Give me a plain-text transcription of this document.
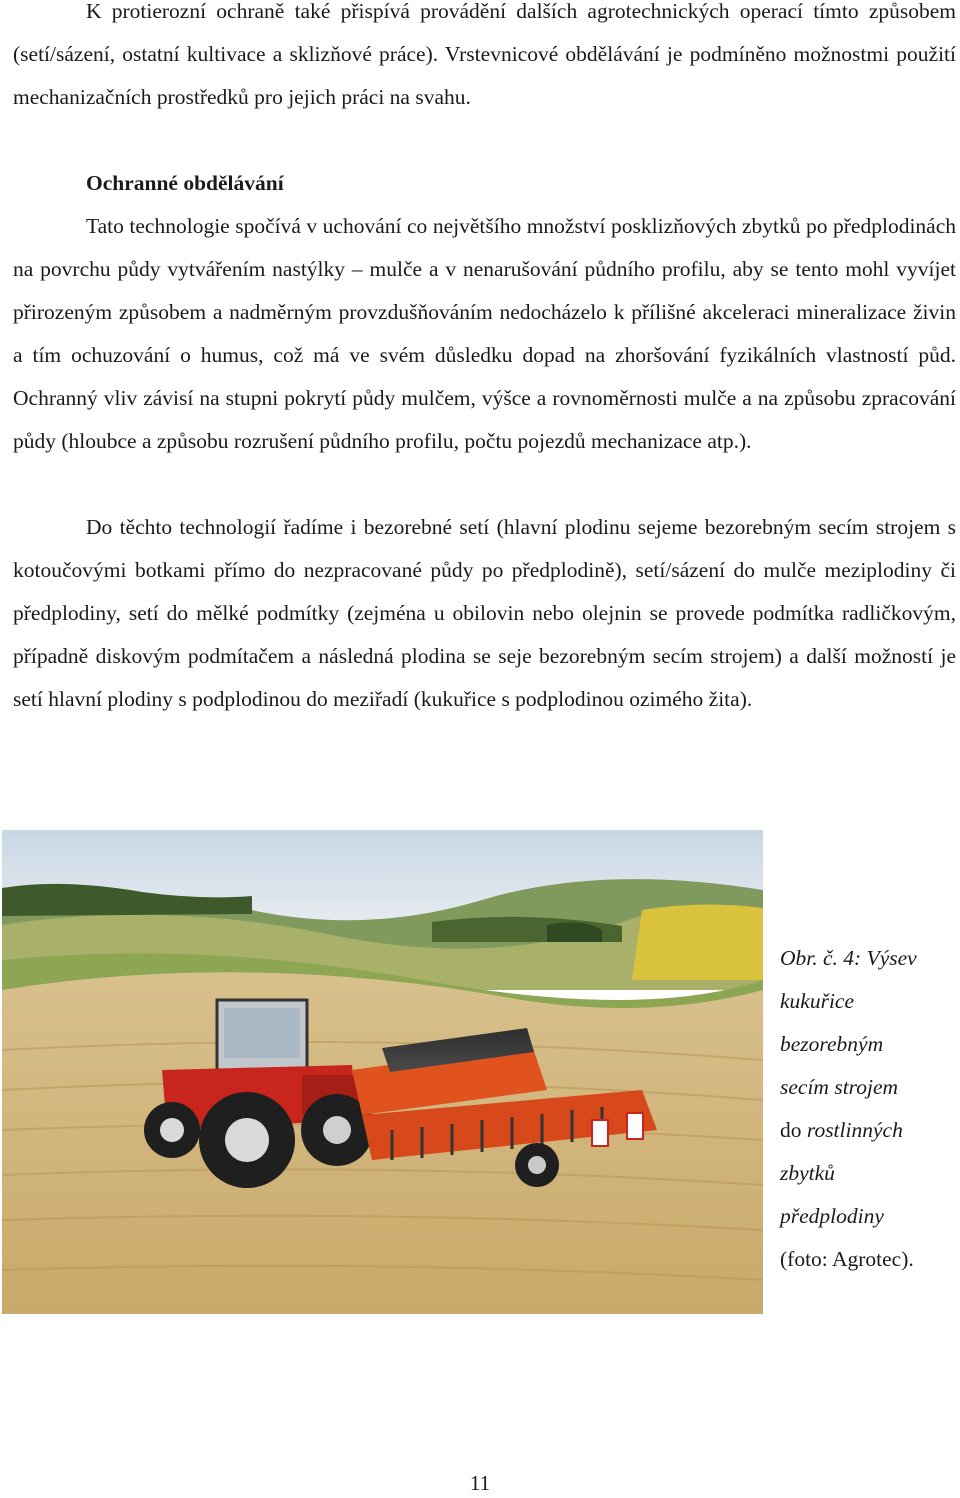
K protierozní ochraně také přispívá provádění dalších agrotechnických operací tímto způsobem (setí/sázení, ostatní kultivace a sklizňové práce). Vrstevnicové obdělávání je podmíněno možnostmi použití mechanizačních prostředků pro jejich práci na svahu.

Ochranné obdělávání

Tato technologie spočívá v uchování co největšího množství posklizňových zbytků po předplodinách na povrchu půdy vytvářením nastýlky – mulče a v nenarušování půdního profilu, aby se tento mohl vyvíjet přirozeným způsobem a nadměrným provzdušňováním nedocházelo k přílišné akceleraci mineralizace živin a tím ochuzování o humus, což má ve svém důsledku dopad na zhoršování fyzikálních vlastností půd. Ochranný vliv závisí na stupni pokrytí půdy mulčem, výšce a rovnoměrnosti mulče a na způsobu zpracování půdy (hloubce a způsobu rozrušení půdního profilu, počtu pojezdů mechanizace atp.).

Do těchto technologií řadíme i bezorebné setí (hlavní plodinu sejeme bezorebným secím strojem s kotoučovými botkami přímo do nezpracované půdy po předplodině), setí/sázení do mulče meziplodiny či předplodiny, setí do mělké podmítky (zejména u obilovin nebo olejnin se provede podmítka radličkovým, případně diskovým podmítačem a následná plodina se seje bezorebným secím strojem) a další možností je setí hlavní plodiny s podplodinou do meziřadí (kukuřice s podplodinou ozimého žita).

Obr. č. 4: Výsev
kukuřice
bezorebným
secím strojem
do rostlinných
zbytků
předplodiny
(foto: Agrotec).
11
